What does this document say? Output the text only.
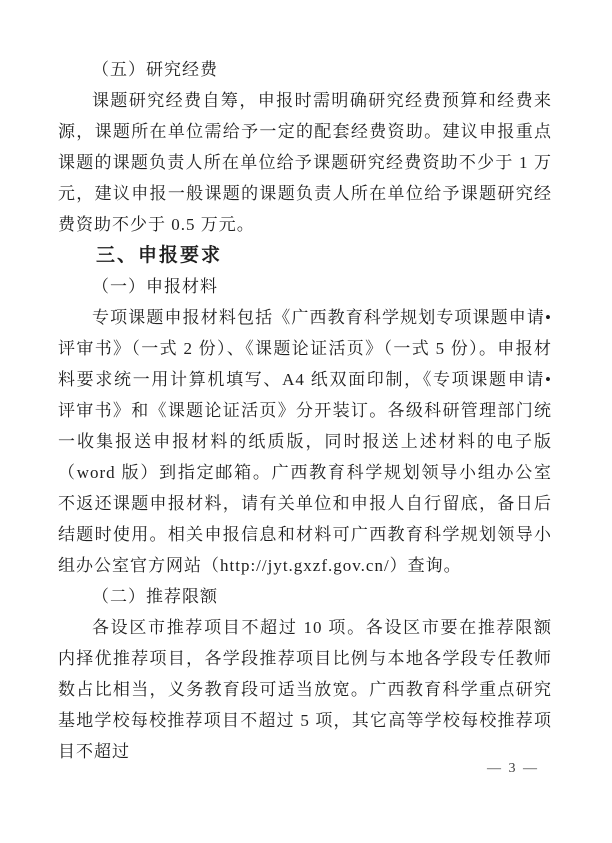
（五）研究经费
课题研究经费自筹，申报时需明确研究经费预算和经费来源，课题所在单位需给予一定的配套经费资助。建议申报重点课题的课题负责人所在单位给予课题研究经费资助不少于 1 万元，建议申报一般课题的课题负责人所在单位给予课题研究经费资助不少于 0.5 万元。
三、申报要求
（一）申报材料
专项课题申报材料包括《广西教育科学规划专项课题申请•评审书》（一式 2 份）、《课题论证活页》（一式 5 份）。申报材料要求统一用计算机填写、A4 纸双面印制，《专项课题申请•评审书》和《课题论证活页》分开装订。各级科研管理部门统一收集报送申报材料的纸质版，同时报送上述材料的电子版（word 版）到指定邮箱。广西教育科学规划领导小组办公室不返还课题申报材料，请有关单位和申报人自行留底，备日后结题时使用。相关申报信息和材料可广西教育科学规划领导小组办公室官方网站（http://jyt.gxzf.gov.cn/）查询。
（二）推荐限额
各设区市推荐项目不超过 10 项。各设区市要在推荐限额内择优推荐项目，各学段推荐项目比例与本地各学段专任教师数占比相当，义务教育段可适当放宽。广西教育科学重点研究基地学校每校推荐项目不超过 5 项，其它高等学校每校推荐项目不超过
— 3 —
